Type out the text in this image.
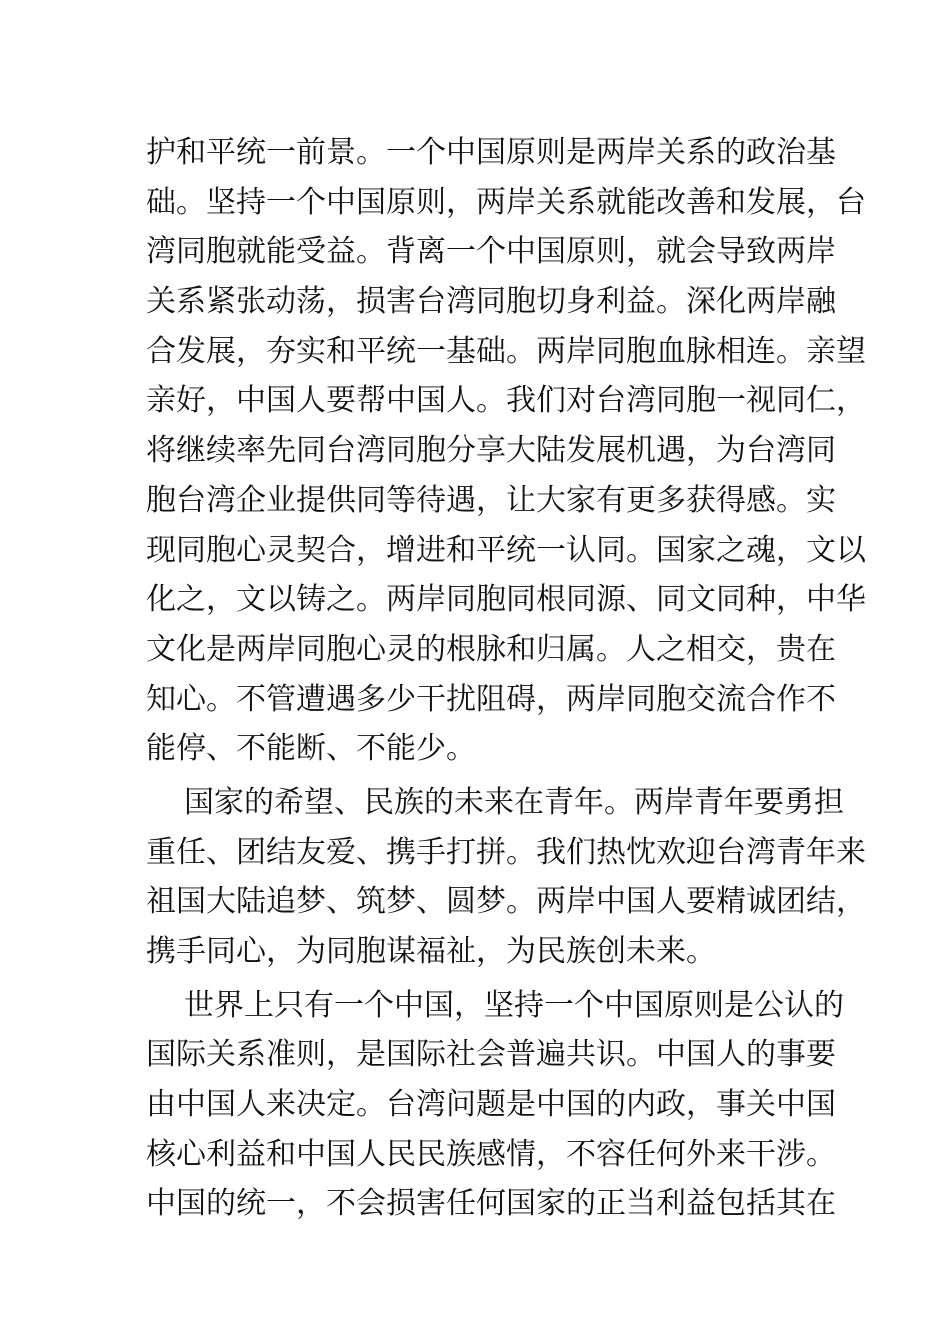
护和平统一前景。一个中国原则是两岸关系的政治基
础。坚持一个中国原则，两岸关系就能改善和发展，台
湾同胞就能受益。背离一个中国原则，就会导致两岸
关系紧张动荡，损害台湾同胞切身利益。深化两岸融
合发展，夯实和平统一基础。两岸同胞血脉相连。亲望
亲好，中国人要帮中国人。我们对台湾同胞一视同仁，
将继续率先同台湾同胞分享大陆发展机遇，为台湾同
胞台湾企业提供同等待遇，让大家有更多获得感。实
现同胞心灵契合，增进和平统一认同。国家之魂，文以
化之，文以铸之。两岸同胞同根同源、同文同种，中华
文化是两岸同胞心灵的根脉和归属。人之相交，贵在
知心。不管遭遇多少干扰阻碍，两岸同胞交流合作不
能停、不能断、不能少。
国家的希望、民族的未来在青年。两岸青年要勇担
重任、团结友爱、携手打拼。我们热忱欢迎台湾青年来
祖国大陆追梦、筑梦、圆梦。两岸中国人要精诚团结，
携手同心，为同胞谋福祉，为民族创未来。
世界上只有一个中国，坚持一个中国原则是公认的
国际关系准则，是国际社会普遍共识。中国人的事要
由中国人来决定。台湾问题是中国的内政，事关中国
核心利益和中国人民民族感情，不容任何外来干涉。
中国的统一，不会损害任何国家的正当利益包括其在
